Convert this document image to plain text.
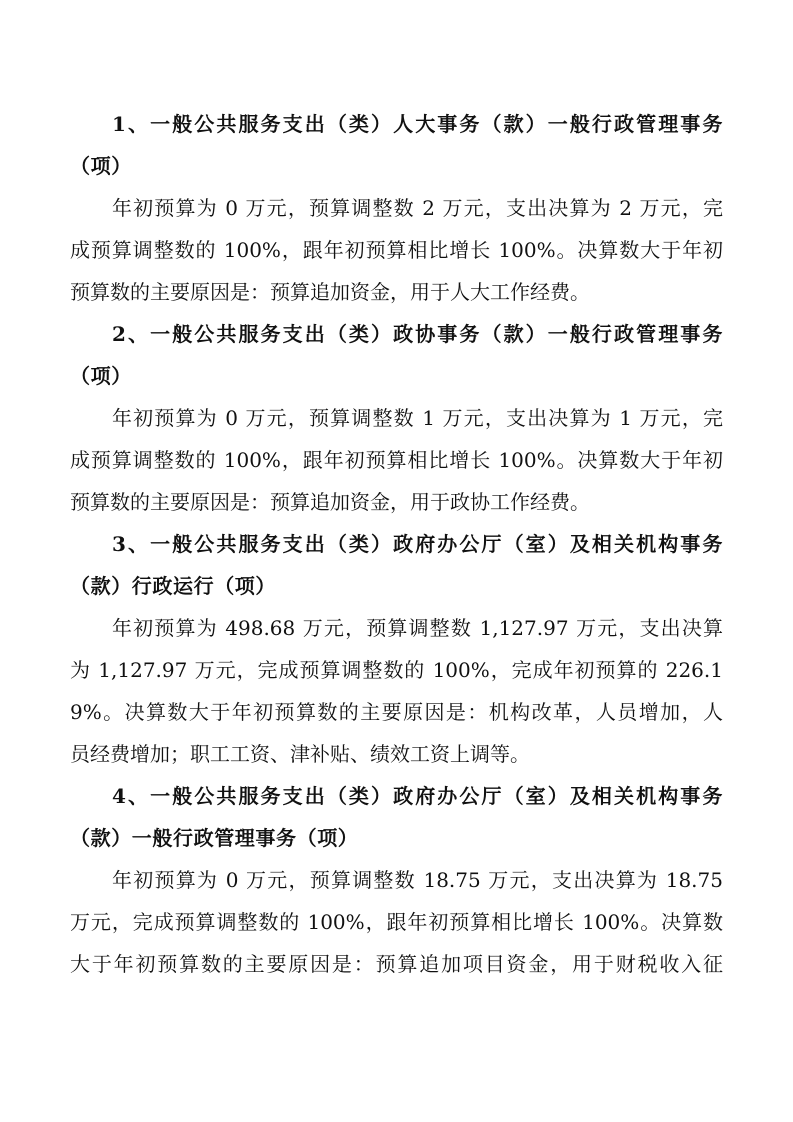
1、一般公共服务支出（类）人大事务（款）一般行政管理事务
（项）
年初预算为 0 万元，预算调整数 2 万元，支出决算为 2 万元，完
成预算调整数的 100%，跟年初预算相比增长 100%。决算数大于年初
预算数的主要原因是：预算追加资金，用于人大工作经费。
2、一般公共服务支出（类）政协事务（款）一般行政管理事务
（项）
年初预算为 0 万元，预算调整数 1 万元，支出决算为 1 万元，完
成预算调整数的 100%，跟年初预算相比增长 100%。决算数大于年初
预算数的主要原因是：预算追加资金，用于政协工作经费。
3、一般公共服务支出（类）政府办公厅（室）及相关机构事务
（款）行政运行（项）
年初预算为 498.68 万元，预算调整数 1,127.97 万元，支出决算
为 1,127.97 万元，完成预算调整数的 100%，完成年初预算的 226.1
9%。决算数大于年初预算数的主要原因是：机构改革，人员增加，人
员经费增加；职工工资、津补贴、绩效工资上调等。
4、一般公共服务支出（类）政府办公厅（室）及相关机构事务
（款）一般行政管理事务（项）
年初预算为 0 万元，预算调整数 18.75 万元，支出决算为 18.75
万元，完成预算调整数的 100%，跟年初预算相比增长 100%。决算数
大于年初预算数的主要原因是：预算追加项目资金，用于财税收入征
